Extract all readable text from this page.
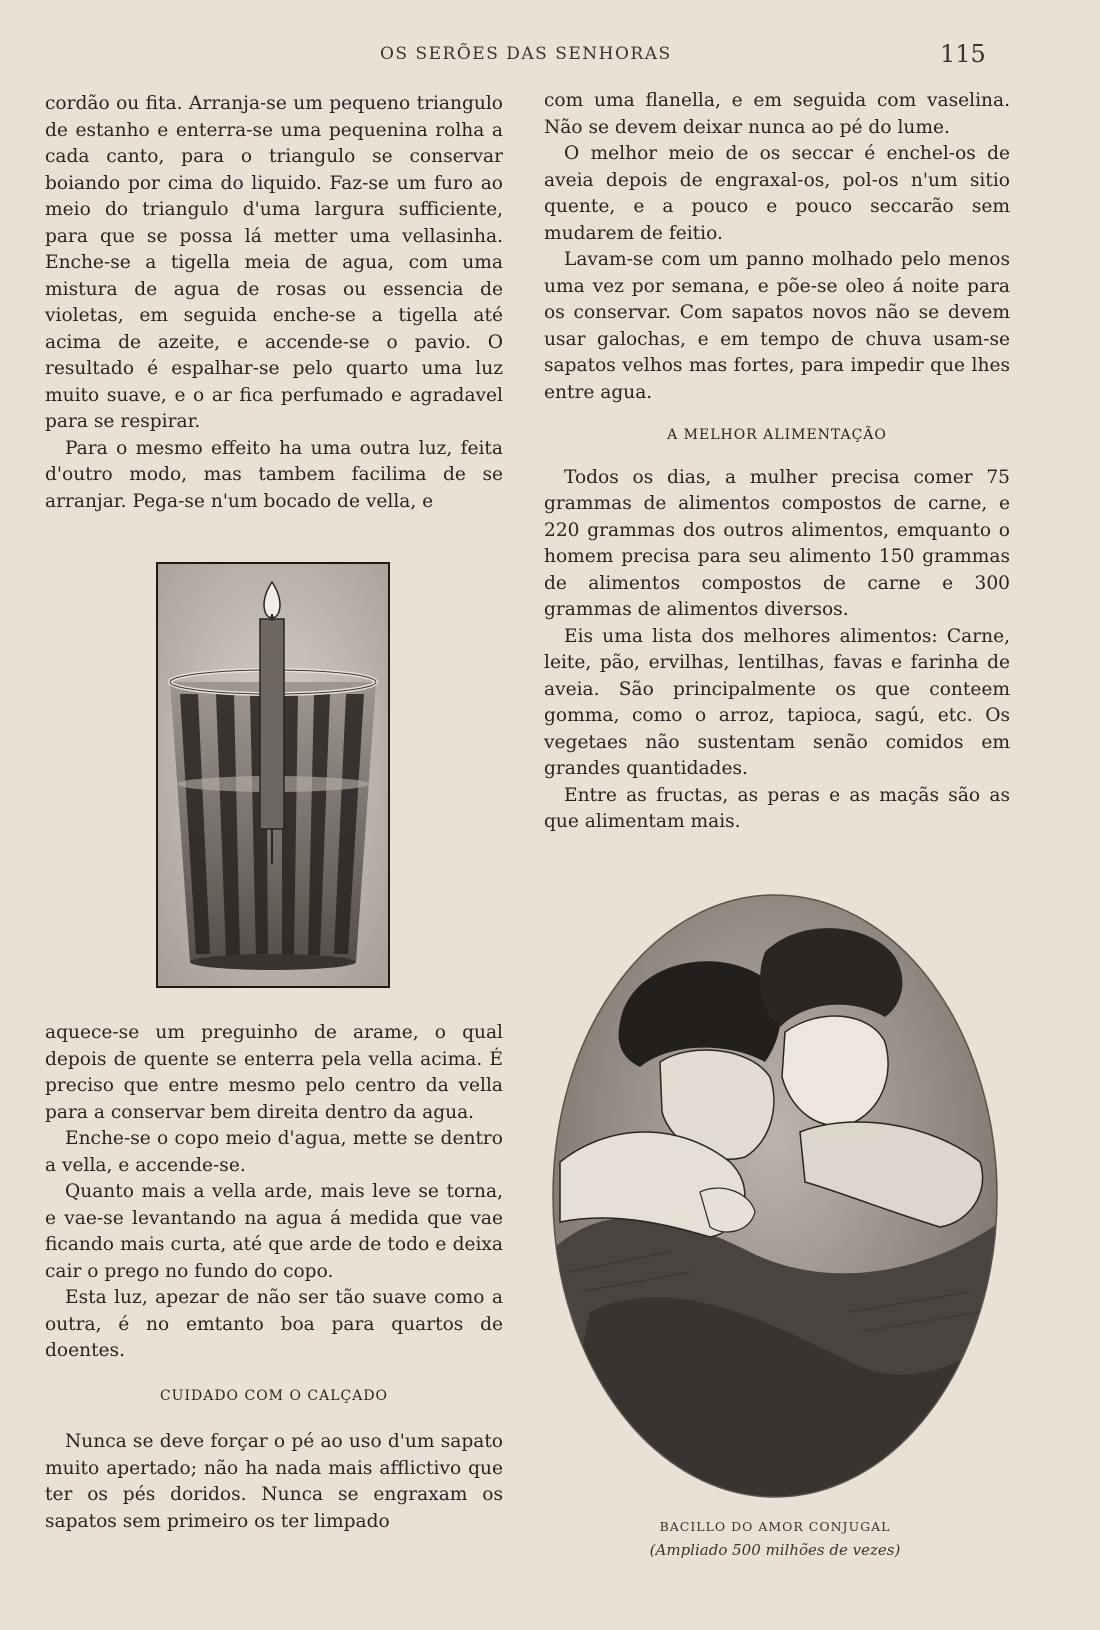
OS SERÕES DAS SENHORAS	115

cordão ou fita. Arranja-se um pequeno triangulo de estanho e enterra-se uma pequenina rolha a cada canto, para o triangulo se conservar boiando por cima do liquido. Faz-se um furo ao meio do triangulo d'uma largura sufficiente, para que se possa lá metter uma vellasinha. Enche-se a tigella meia de agua, com uma mistura de agua de rosas ou essencia de violetas, em seguida enche-se a tigella até acima de azeite, e accende-se o pavio. O resultado é espalhar-se pelo quarto uma luz muito suave, e o ar fica perfumado e agradavel para se respirar.

Para o mesmo effeito ha uma outra luz, feita d'outro modo, mas tambem facilima de se arranjar. Pega-se n'um bocado de vella, e

aquece-se um preguinho de arame, o qual depois de quente se enterra pela vella acima. É preciso que entre mesmo pelo centro da vella para a conservar bem direita dentro da agua.

Enche-se o copo meio d'agua, mette se dentro a vella, e accende-se.

Quanto mais a vella arde, mais leve se torna, e vae-se levantando na agua á medida que vae ficando mais curta, até que arde de todo e deixa cair o prego no fundo do copo.

Esta luz, apezar de não ser tão suave como a outra, é no emtanto boa para quartos de doentes.

CUIDADO COM O CALÇADO

Nunca se deve forçar o pé ao uso d'um sapato muito apertado; não ha nada mais afflictivo que ter os pés doridos. Nunca se engraxam os sapatos sem primeiro os ter limpado

com uma flanella, e em seguida com vaselina. Não se devem deixar nunca ao pé do lume.

O melhor meio de os seccar é enchel-os de aveia depois de engraxal-os, pol-os n'um sitio quente, e a pouco e pouco seccarão sem mudarem de feitio.

Lavam-se com um panno molhado pelo menos uma vez por semana, e põe-se oleo á noite para os conservar. Com sapatos novos não se devem usar galochas, e em tempo de chuva usam-se sapatos velhos mas fortes, para impedir que lhes entre agua.

A MELHOR ALIMENTAÇÃO

Todos os dias, a mulher precisa comer 75 grammas de alimentos compostos de carne, e 220 grammas dos outros alimentos, emquanto o homem precisa para seu alimento 150 grammas de alimentos compostos de carne e 300 grammas de alimentos diversos.

Eis uma lista dos melhores alimentos: Carne, leite, pão, ervilhas, lentilhas, favas e farinha de aveia. São principalmente os que conteem gomma, como o arroz, tapioca, sagú, etc. Os vegetaes não sustentam senão comidos em grandes quantidades.

Entre as fructas, as peras e as maçãs são as que alimentam mais.

BACILLO DO AMOR CONJUGAL
(Ampliado 500 milhões de vezes)
